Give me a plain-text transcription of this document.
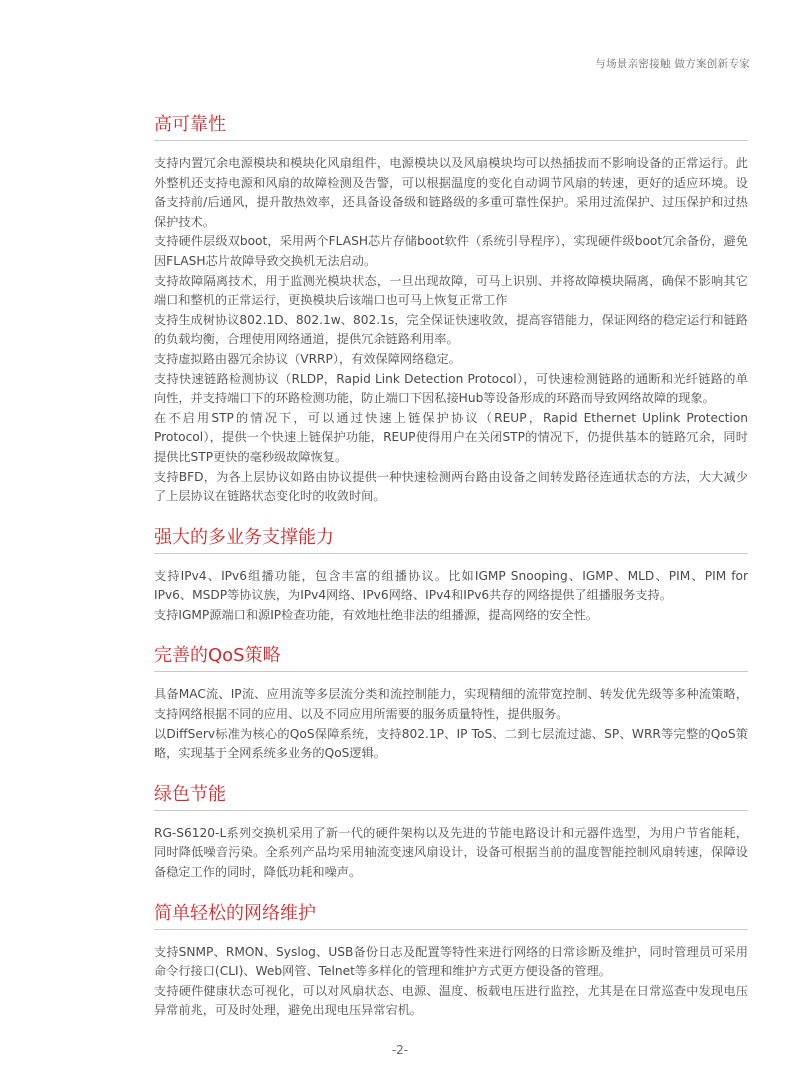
与场景亲密接触 做方案创新专家
高可靠性

支持内置冗余电源模块和模块化风扇组件，电源模块以及风扇模块均可以热插拔而不影响设备的正常运行。此外整机还支持电源和风扇的故障检测及告警，可以根据温度的变化自动调节风扇的转速，更好的适应环境。设备支持前/后通风，提升散热效率，还具备设备级和链路级的多重可靠性保护。采用过流保护、过压保护和过热保护技术。

支持硬件层级双boot，采用两个FLASH芯片存储boot软件（系统引导程序），实现硬件级boot冗余备份，避免因FLASH芯片故障导致交换机无法启动。

支持故障隔离技术，用于监测光模块状态，一旦出现故障，可马上识别、并将故障模块隔离，确保不影响其它端口和整机的正常运行，更换模块后该端口也可马上恢复正常工作

支持生成树协议802.1D、802.1w、802.1s，完全保证快速收敛，提高容错能力，保证网络的稳定运行和链路的负载均衡，合理使用网络通道，提供冗余链路利用率。

支持虚拟路由器冗余协议（VRRP），有效保障网络稳定。

支持快速链路检测协议（RLDP，Rapid Link Detection Protocol），可快速检测链路的通断和光纤链路的单向性，并支持端口下的环路检测功能，防止端口下因私接Hub等设备形成的环路而导致网络故障的现象。

在不启用STP的情况下，可以通过快速上链保护协议（REUP，Rapid Ethernet Uplink Protection Protocol），提供一个快速上链保护功能，REUP使得用户在关闭STP的情况下，仍提供基本的链路冗余，同时提供比STP更快的毫秒级故障恢复。

支持BFD，为各上层协议如路由协议提供一种快速检测两台路由设备之间转发路径连通状态的方法，大大减少了上层协议在链路状态变化时的收敛时间。

强大的多业务支撑能力

支持IPv4、IPv6组播功能，包含丰富的组播协议。比如IGMP Snooping、IGMP、MLD、PIM、PIM for IPv6、MSDP等协议族，为IPv4网络、IPv6网络、IPv4和IPv6共存的网络提供了组播服务支持。

支持IGMP源端口和源IP检查功能，有效地杜绝非法的组播源，提高网络的安全性。

完善的QoS策略

具备MAC流、IP流、应用流等多层流分类和流控制能力，实现精细的流带宽控制、转发优先级等多种流策略，支持网络根据不同的应用、以及不同应用所需要的服务质量特性，提供服务。

以DiffServ标准为核心的QoS保障系统，支持802.1P、IP ToS、二到七层流过滤、SP、WRR等完整的QoS策略，实现基于全网系统多业务的QoS逻辑。

绿色节能

RG-S6120-L系列交换机采用了新一代的硬件架构以及先进的节能电路设计和元器件选型，为用户节省能耗，同时降低噪音污染。全系列产品均采用轴流变速风扇设计，设备可根据当前的温度智能控制风扇转速，保障设备稳定工作的同时，降低功耗和噪声。

简单轻松的网络维护

支持SNMP、RMON、Syslog、USB备份日志及配置等特性来进行网络的日常诊断及维护，同时管理员可采用命令行接口(CLI)、Web网管、Telnet等多样化的管理和维护方式更方便设备的管理。

支持硬件健康状态可视化，可以对风扇状态、电源、温度、板载电压进行监控，尤其是在日常巡查中发现电压异常前兆，可及时处理，避免出现电压异常宕机。

-2-
